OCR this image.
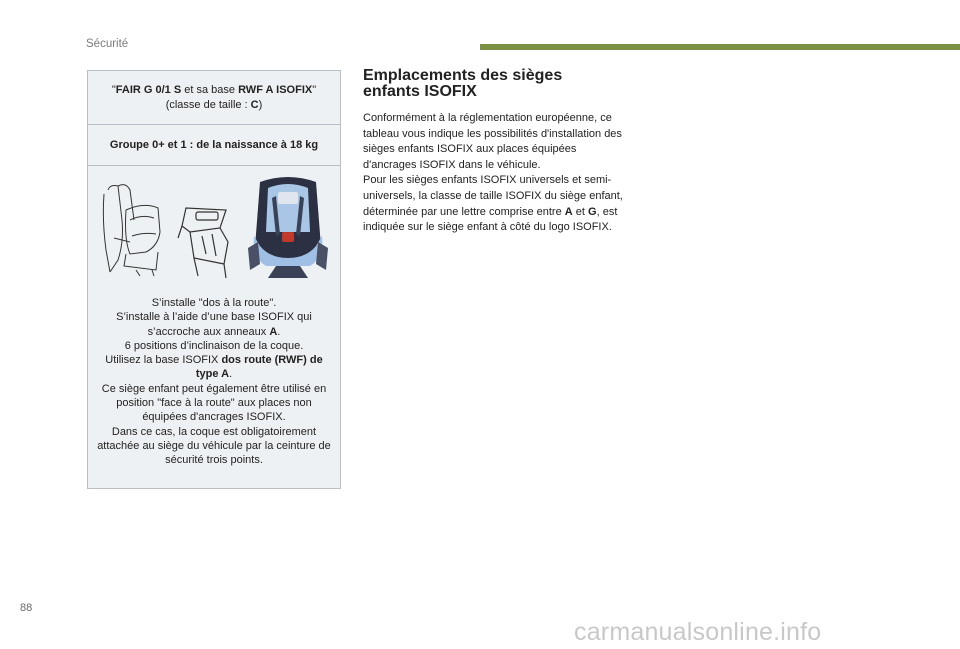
Sécurité
"FAIR G 0/1 S et sa base RWF A ISOFIX"
(classe de taille : C)
Groupe 0+ et 1 : de la naissance à 18 kg

S’installe "dos à la route".

S’installe à l’aide d’une base ISOFIX qui s’accroche aux anneaux A.

6 positions d’inclinaison de la coque.

Utilisez la base ISOFIX dos route (RWF) de type A.

Ce siège enfant peut également être utilisé en position "face à la route" aux places non équipées d'ancrages ISOFIX.

Dans ce cas, la coque est obligatoirement attachée au siège du véhicule par la ceinture de sécurité trois points.

Emplacements des sièges
enfants ISOFIX

Conformément à la réglementation européenne, ce tableau vous indique les possibilités d'installation des sièges enfants ISOFIX aux places équipées d'ancrages ISOFIX dans le véhicule.

Pour les sièges enfants ISOFIX universels et semi-universels, la classe de taille ISOFIX du siège enfant, déterminée par une lettre comprise entre A et G, est indiquée sur le siège enfant à côté du logo ISOFIX.

88
carmanualsonline.info
